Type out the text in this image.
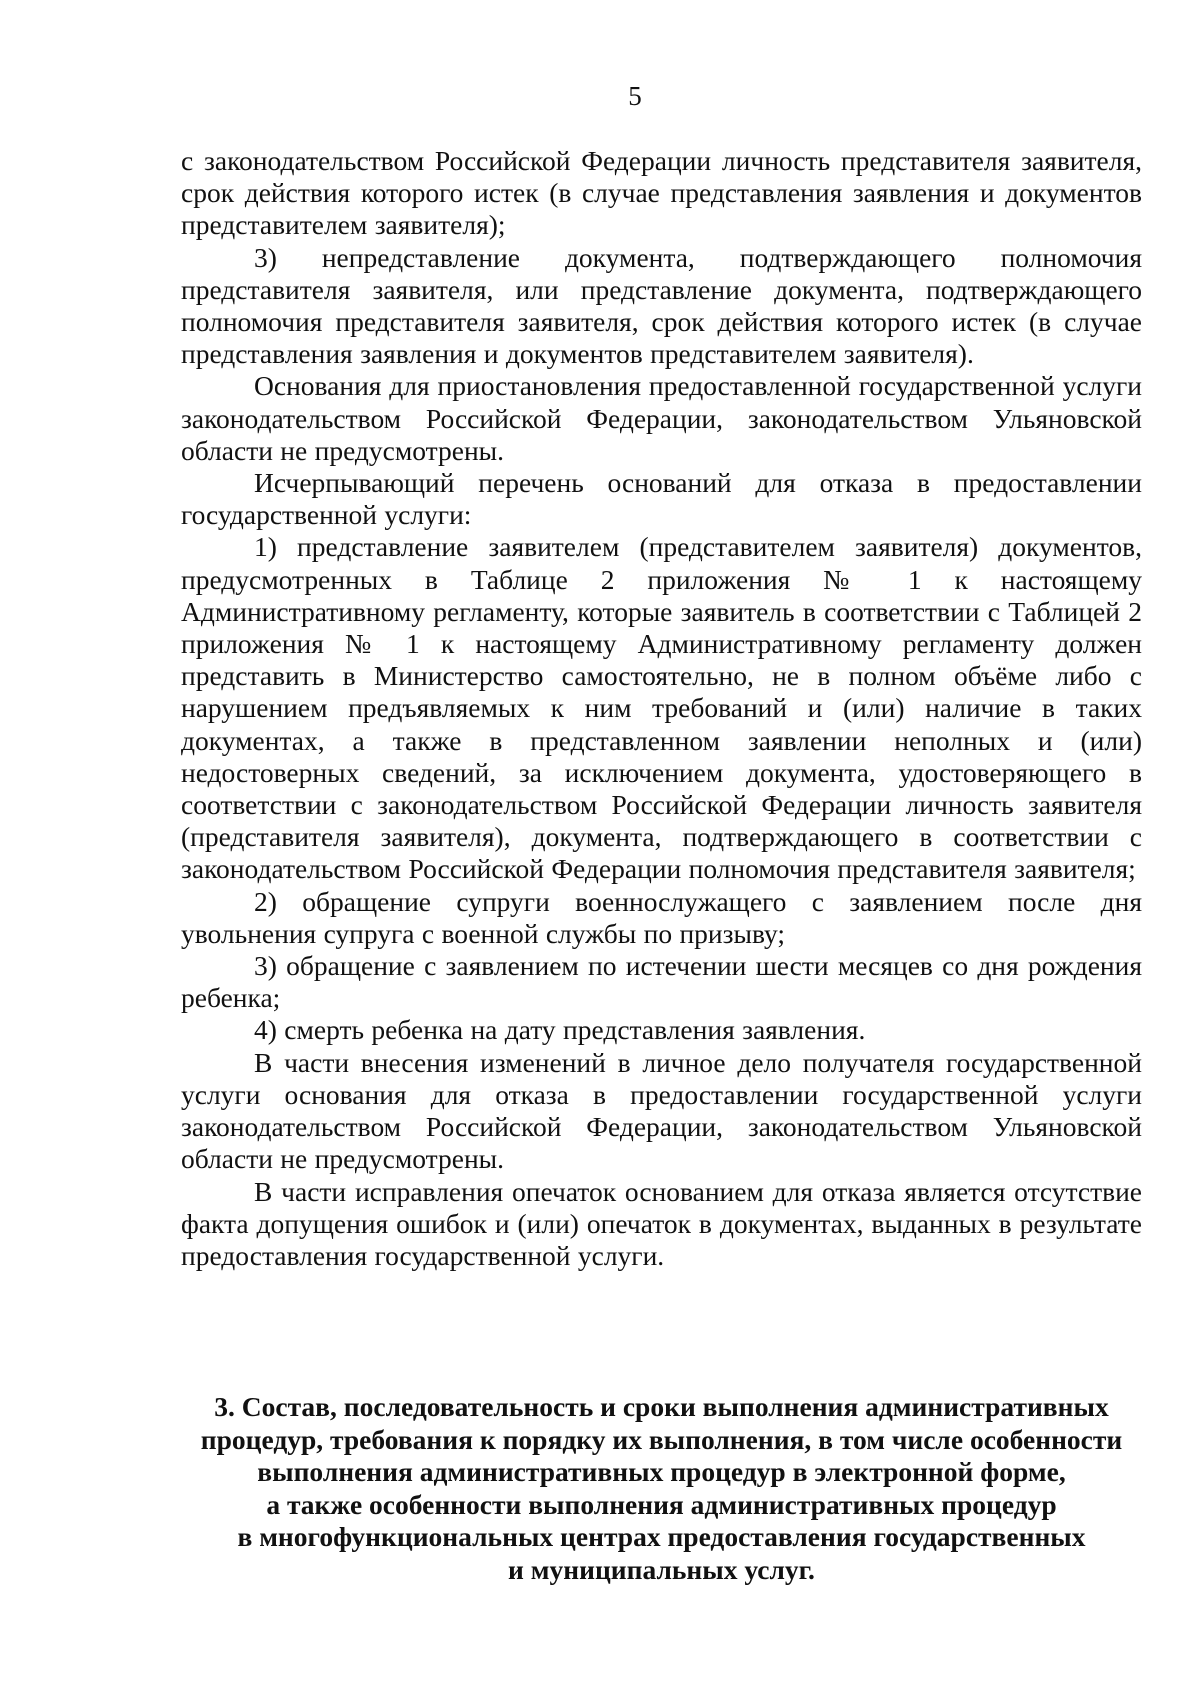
5

с законодательством Российской Федерации личность представителя заявителя, срок действия которого истек (в случае представления заявления и документов представителем заявителя);

3) непредставление документа, подтверждающего полномочия представителя заявителя, или представление документа, подтверждающего полномочия представителя заявителя, срок действия которого истек (в случае представления заявления и документов представителем заявителя).

Основания для приостановления предоставленной государственной услуги законодательством Российской Федерации, законодательством Ульяновской области не предусмотрены.

Исчерпывающий перечень оснований для отказа в предоставлении государственной услуги:

1) представление заявителем (представителем заявителя) документов, предусмотренных в Таблице 2 приложения № 1 к настоящему Административному регламенту, которые заявитель в соответствии с Таблицей 2 приложения № 1 к настоящему Административному регламенту должен представить в Министерство самостоятельно, не в полном объёме либо с нарушением предъявляемых к ним требований и (или) наличие в таких документах, а также в представленном заявлении неполных и (или) недостоверных сведений, за исключением документа, удостоверяющего в соответствии с законодательством Российской Федерации личность заявителя (представителя заявителя), документа, подтверждающего в соответствии с законодательством Российской Федерации полномочия представителя заявителя;

2) обращение супруги военнослужащего с заявлением после дня увольнения супруга с военной службы по призыву;

3) обращение с заявлением по истечении шести месяцев со дня рождения ребенка;

4) смерть ребенка на дату представления заявления.

В части внесения изменений в личное дело получателя государственной услуги основания для отказа в предоставлении государственной услуги законодательством Российской Федерации, законодательством Ульяновской области не предусмотрены.

В части исправления опечаток основанием для отказа является отсутствие факта допущения ошибок и (или) опечаток в документах, выданных в результате предоставления государственной услуги.

3. Состав, последовательность и сроки выполнения административных
процедур, требования к порядку их выполнения, в том числе особенности
выполнения административных процедур в электронной форме,
а также особенности выполнения административных процедур
в многофункциональных центрах предоставления государственных
и муниципальных услуг.
